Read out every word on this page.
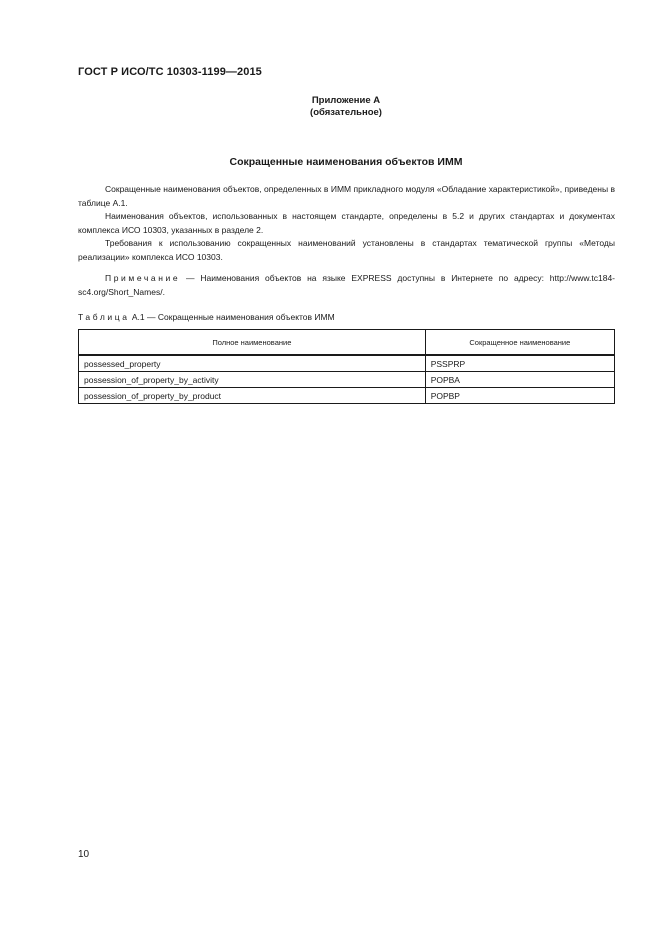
ГОСТ Р ИСО/ТС 10303-1199—2015
Приложение А
(обязательное)
Сокращенные наименования объектов ИММ

Сокращенные наименования объектов, определенных в ИММ прикладного модуля «Обладание характеристикой», приведены в таблице А.1.

Наименования объектов, использованных в настоящем стандарте, определены в 5.2 и других стандартах и документах комплекса ИСО 10303, указанных в разделе 2.

Требования к использованию сокращенных наименований установлены в стандартах тематической группы «Методы реализации» комплекса ИСО 10303.

Примечание — Наименования объектов на языке EXPRESS доступны в Интернете по адресу: http://www.tc184-sc4.org/Short_Names/.

Таблица А.1 — Сокращенные наименования объектов ИММ
Полное наименование	Сокращенное наименование
possessed_property	PSSPRP
possession_of_property_by_activity	POPBA
possession_of_property_by_product	POPBP
10
